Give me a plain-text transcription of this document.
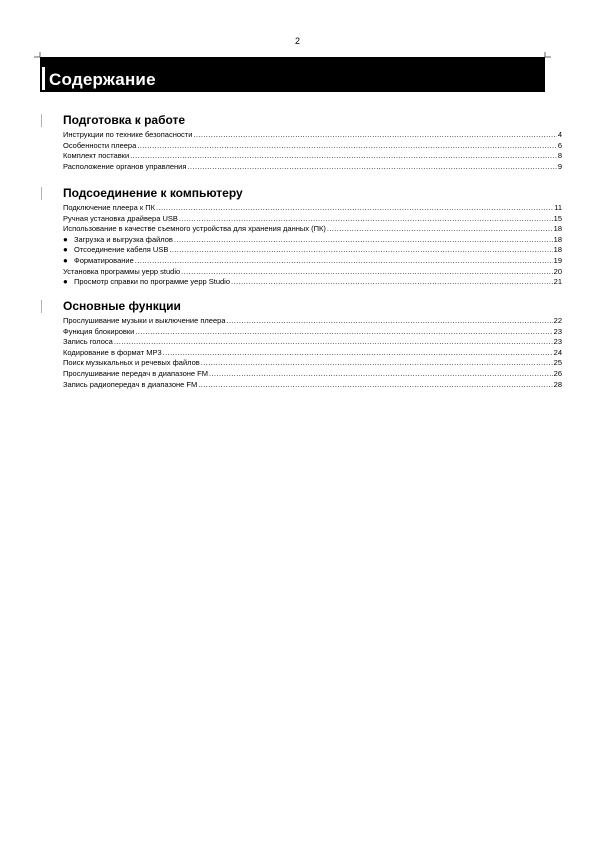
2
Содержание
Подготовка к работе
Инструкции по технике безопасности .....	4
Особенности плеера .....	6
Комплект поставки .....	8
Расположение органов управления .....	9
Подсоединение к компьютеру
Подключение плеера к ПК .....	11
Ручная установка драйвера USB .....	15
Использование в качестве съемного устройства для хранения данных (ПК) .....	18
● Загрузка и выгрузка файлов .....	18
● Отсоединение кабеля USB .....	18
● Форматирование .....	19
Установка программы yepp studio .....	20
● Просмотр справки по программе yepp Studio .....	21
Основные функции
Прослушивание музыки и выключение плеера .....	22
Функция блокировки .....	23
Запись голоса .....	23
Кодирование в формат MP3 .....	24
Поиск музыкальных и речевых файлов .....	25
Прослушивание передач в диапазоне FM .....	26
Запись радиопередач в диапазоне FM .....	28
